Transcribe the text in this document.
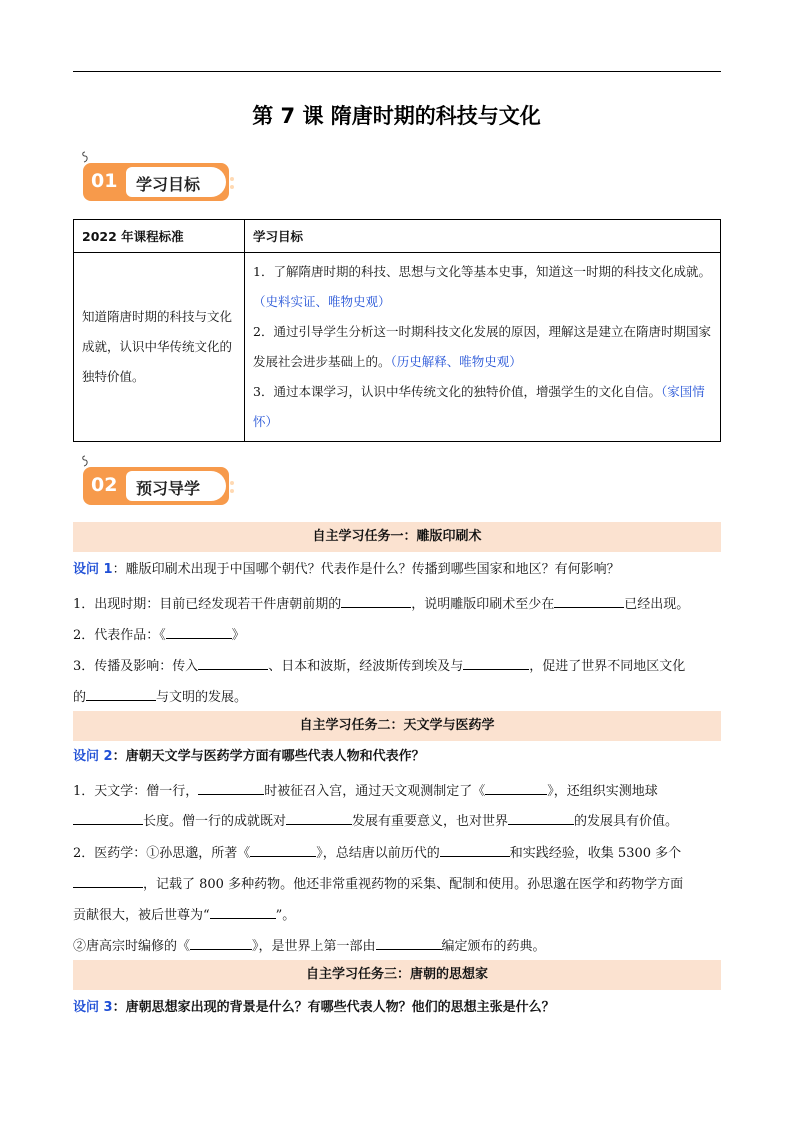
第 7 课 隋唐时期的科技与文化
01 学习目标
2022 年课程标准	学习目标
知道隋唐时期的科技与文化成就，认识中华传统文化的独特价值。	1．了解隋唐时期的科技、思想与文化等基本史事，知道这一时期的科技文化成就。（史料实证、唯物史观）
2．通过引导学生分析这一时期科技文化发展的原因，理解这是建立在隋唐时期国家发展社会进步基础上的。（历史解释、唯物史观）
3．通过本课学习，认识中华传统文化的独特价值，增强学生的文化自信。（家国情怀）
02 预习导学
自主学习任务一：雕版印刷术
设问 1：雕版印刷术出现于中国哪个朝代？代表作是什么？传播到哪些国家和地区？有何影响？
1．出现时期：目前已经发现若干件唐朝前期的	，说明雕版印刷术至少在	已经出现。
2．代表作品：《	》
3．传播及影响：传入	、日本和波斯，经波斯传到埃及与	，促进了世界不同地区文化
的	与文明的发展。
自主学习任务二：天文学与医药学
设问 2：唐朝天文学与医药学方面有哪些代表人物和代表作？
1．天文学：僧一行，	时被征召入宫，通过天文观测制定了《	》，还组织实测地球
长度。僧一行的成就既对	发展有重要意义，也对世界	的发展具有价值。
2．医药学：①孙思邈，所著《	》，总结唐以前历代的	和实践经验，收集 5300 多个
，记载了 800 多种药物。他还非常重视药物的采集、配制和使用。孙思邈在医学和药物学方面
贡献很大，被后世尊为“	”。
②唐高宗时编修的《	》，是世界上第一部由	编定颁布的药典。
自主学习任务三：唐朝的思想家
设问 3：唐朝思想家出现的背景是什么？有哪些代表人物？他们的思想主张是什么？
